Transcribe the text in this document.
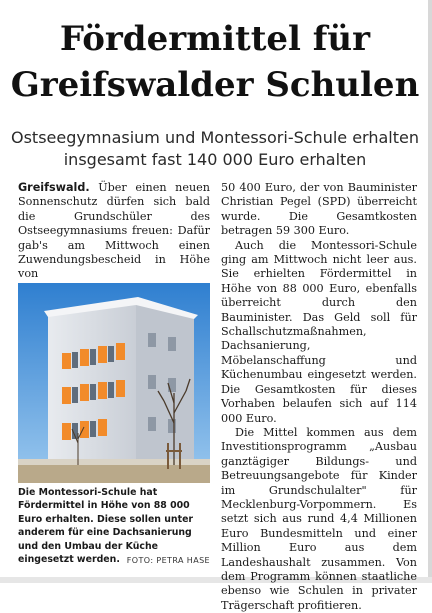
Fördermittel für Greifswalder Schulen
Ostseegymnasium und Montessori-Schule erhalten insgesamt fast 140 000 Euro erhalten

Greifswald. Über einen neuen Sonnenschutz dürfen sich bald die Grundschüler des Ostseegymnasiums freuen: Dafür gab's am Mittwoch einen Zuwendungsbescheid in Höhe von

Die Montessori-Schule hat Fördermittel in Höhe von 88 000 Euro erhalten. Diese sollen unter anderem für eine Dachsanierung und den Umbau der Küche eingesetzt werden. FOTO: PETRA HASE

50 400 Euro, der von Bauminister Christian Pegel (SPD) überreicht wurde. Die Gesamtkosten betragen 59 300 Euro.

Auch die Montessori-Schule ging am Mittwoch nicht leer aus. Sie erhielten Fördermittel in Höhe von 88 000 Euro, ebenfalls überreicht durch den Bauminister. Das Geld soll für Schallschutzmaßnahmen, Dachsanierung, Möbelanschaffung und Küchenumbau eingesetzt werden. Die Gesamtkosten für dieses Vorhaben belaufen sich auf 114 000 Euro.

Die Mittel kommen aus dem Investitionsprogramm „Ausbau ganztägiger Bildungs- und Betreuungsangebote für Kinder im Grundschulalter" für Mecklenburg-Vorpommern. Es setzt sich aus rund 4,4 Millionen Euro Bundesmitteln und einer Million Euro aus dem Landeshaushalt zusammen. Von dem Programm können staatliche ebenso wie Schulen in privater Trägerschaft profitieren.
